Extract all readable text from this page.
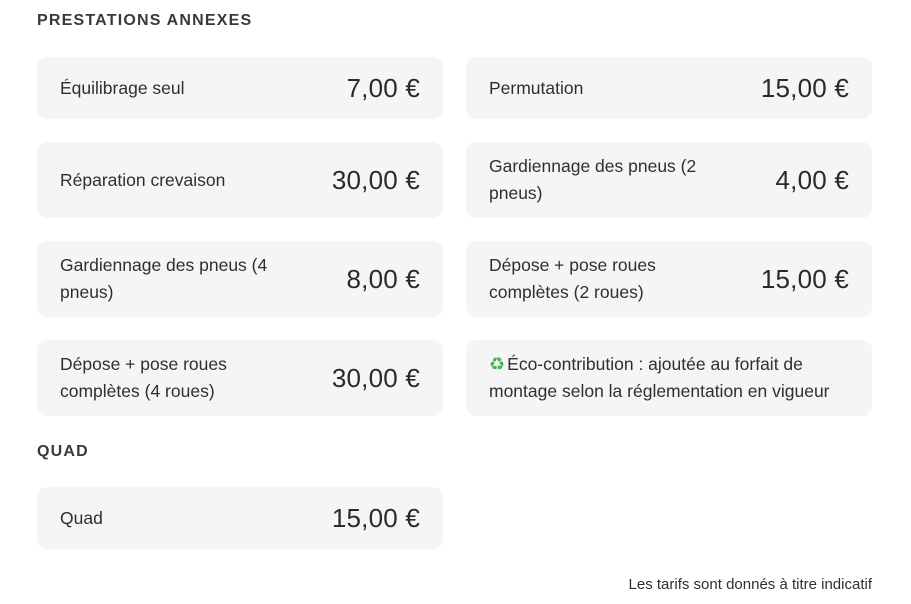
PRESTATIONS ANNEXES
Équilibrage seul	7,00 €	Permutation	15,00 €
Réparation crevaison	30,00 €	Gardiennage des pneus (2 pneus)	4,00 €
Gardiennage des pneus (4 pneus)	8,00 €	Dépose + pose roues complètes (2 roues)	15,00 €
Dépose + pose roues complètes (4 roues)	30,00 €	♻ Éco-contribution : ajoutée au forfait de montage selon la réglementation en vigueur
QUAD
Quad	15,00 €
Les tarifs sont donnés à titre indicatif
